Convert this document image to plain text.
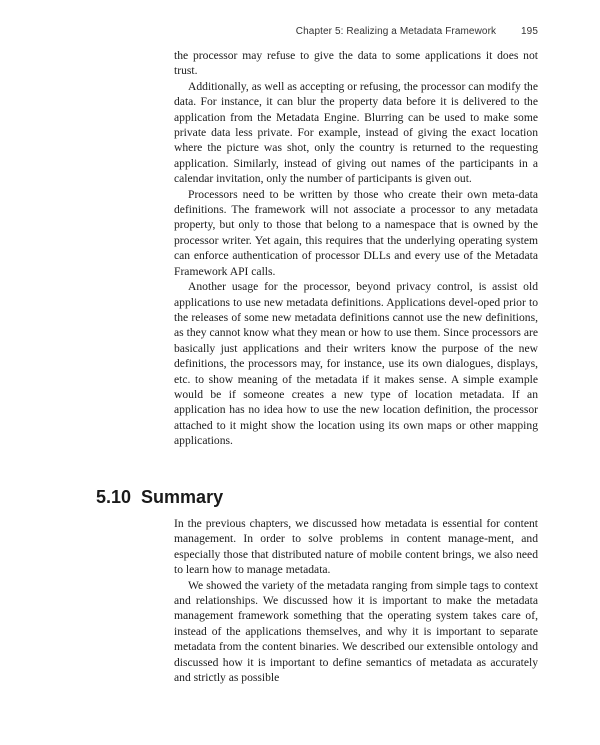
Chapter 5: Realizing a Metadata Framework 195

the processor may refuse to give the data to some applications it does not trust.

Additionally, as well as accepting or refusing, the processor can modify the data. For instance, it can blur the property data before it is delivered to the application from the Metadata Engine. Blurring can be used to make some private data less private. For example, instead of giving the exact location where the picture was shot, only the country is returned to the requesting application. Similarly, instead of giving out names of the participants in a calendar invitation, only the number of participants is given out.

Processors need to be written by those who create their own meta-data definitions. The framework will not associate a processor to any metadata property, but only to those that belong to a namespace that is owned by the processor writer. Yet again, this requires that the underlying operating system can enforce authentication of processor DLLs and every use of the Metadata Framework API calls.

Another usage for the processor, beyond privacy control, is assist old applications to use new metadata definitions. Applications devel-oped prior to the releases of some new metadata definitions cannot use the new definitions, as they cannot know what they mean or how to use them. Since processors are basically just applications and their writers know the purpose of the new definitions, the processors may, for instance, use its own dialogues, displays, etc. to show meaning of the metadata if it makes sense. A simple example would be if someone creates a new type of location metadata. If an application has no idea how to use the new location definition, the processor attached to it might show the location using its own maps or other mapping applications.

5.10 Summary

In the previous chapters, we discussed how metadata is essential for content management. In order to solve problems in content manage-ment, and especially those that distributed nature of mobile content brings, we also need to learn how to manage metadata.

We showed the variety of the metadata ranging from simple tags to context and relationships. We discussed how it is important to make the metadata management framework something that the operating system takes care of, instead of the applications themselves, and why it is important to separate metadata from the content binaries. We described our extensible ontology and discussed how it is important to define semantics of metadata as accurately and strictly as possible
